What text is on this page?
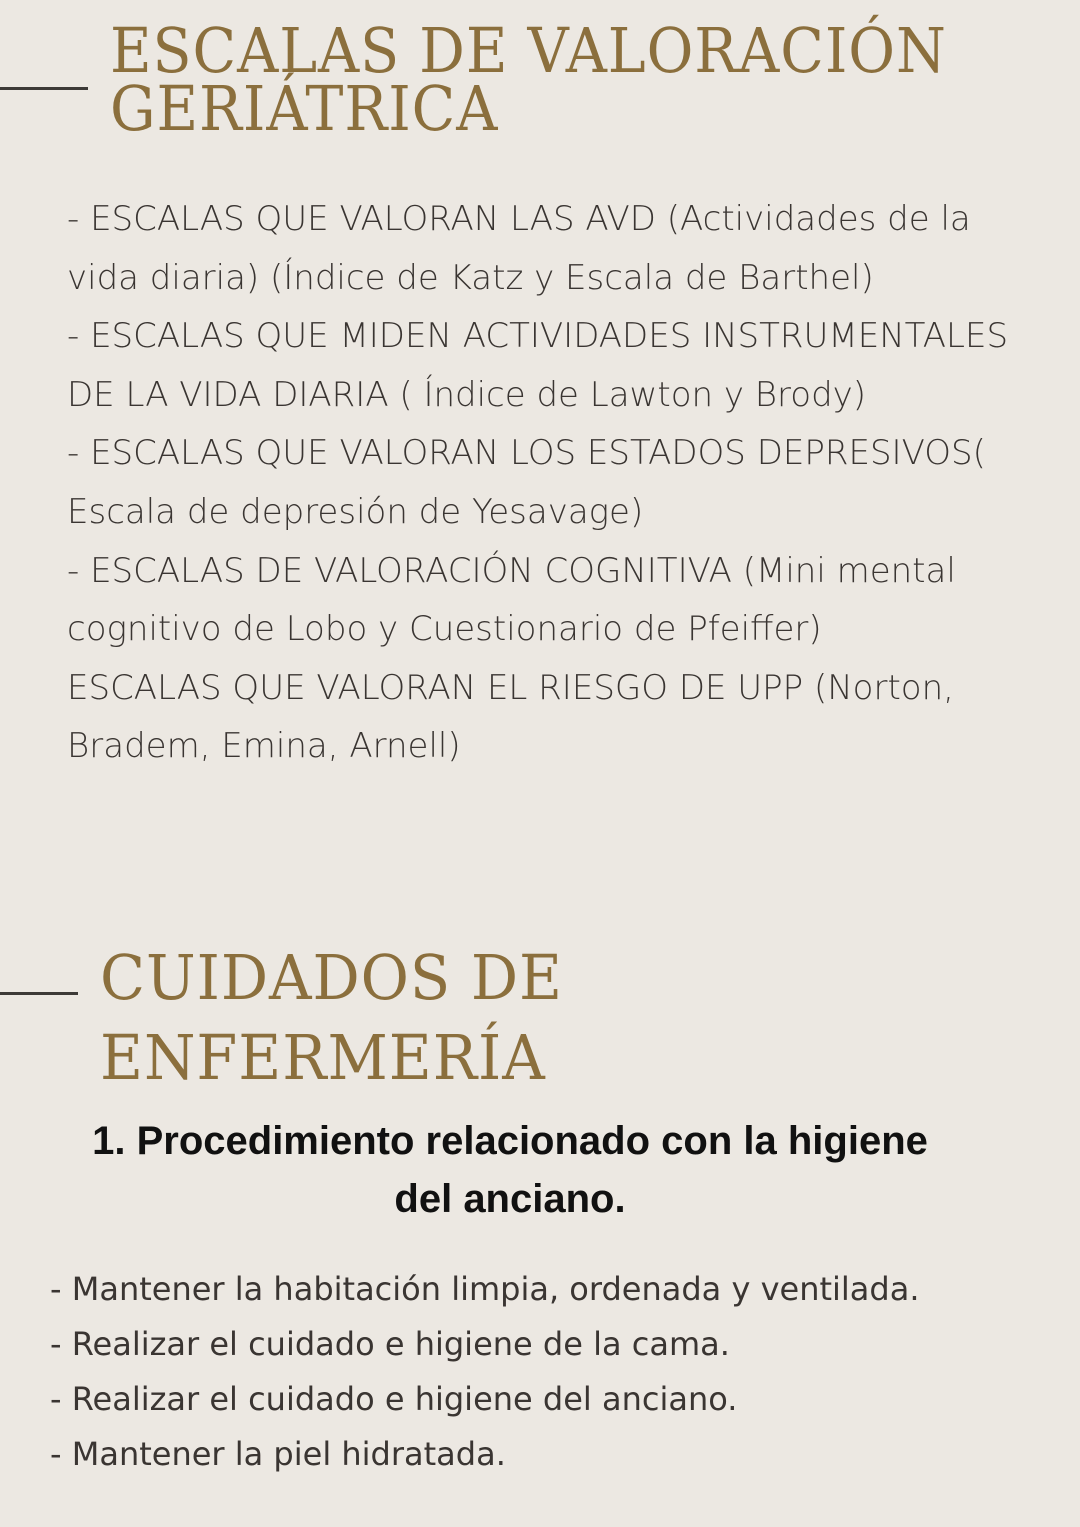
ESCALAS DE VALORACIÓN
GERIÁTRICA

- ESCALAS QUE VALORAN LAS AVD (Actividades de la vida diaria) (Índice de Katz y Escala de Barthel)

- ESCALAS QUE MIDEN ACTIVIDADES INSTRUMENTALES DE LA VIDA DIARIA ( Índice de Lawton y Brody)

- ESCALAS QUE VALORAN LOS ESTADOS DEPRESIVOS( Escala de depresión de Yesavage)

- ESCALAS DE VALORACIÓN COGNITIVA (Mini mental cognitivo de Lobo y Cuestionario de Pfeiffer)

ESCALAS QUE VALORAN EL RIESGO DE UPP (Norton, Bradem, Emina, Arnell)

CUIDADOS DE ENFERMERÍA
1. Procedimiento relacionado con la higiene
del anciano.
- Mantener la habitación limpia, ordenada y ventilada.
- Realizar el cuidado e higiene de la cama.
- Realizar el cuidado e higiene del anciano.
- Mantener la piel hidratada.
